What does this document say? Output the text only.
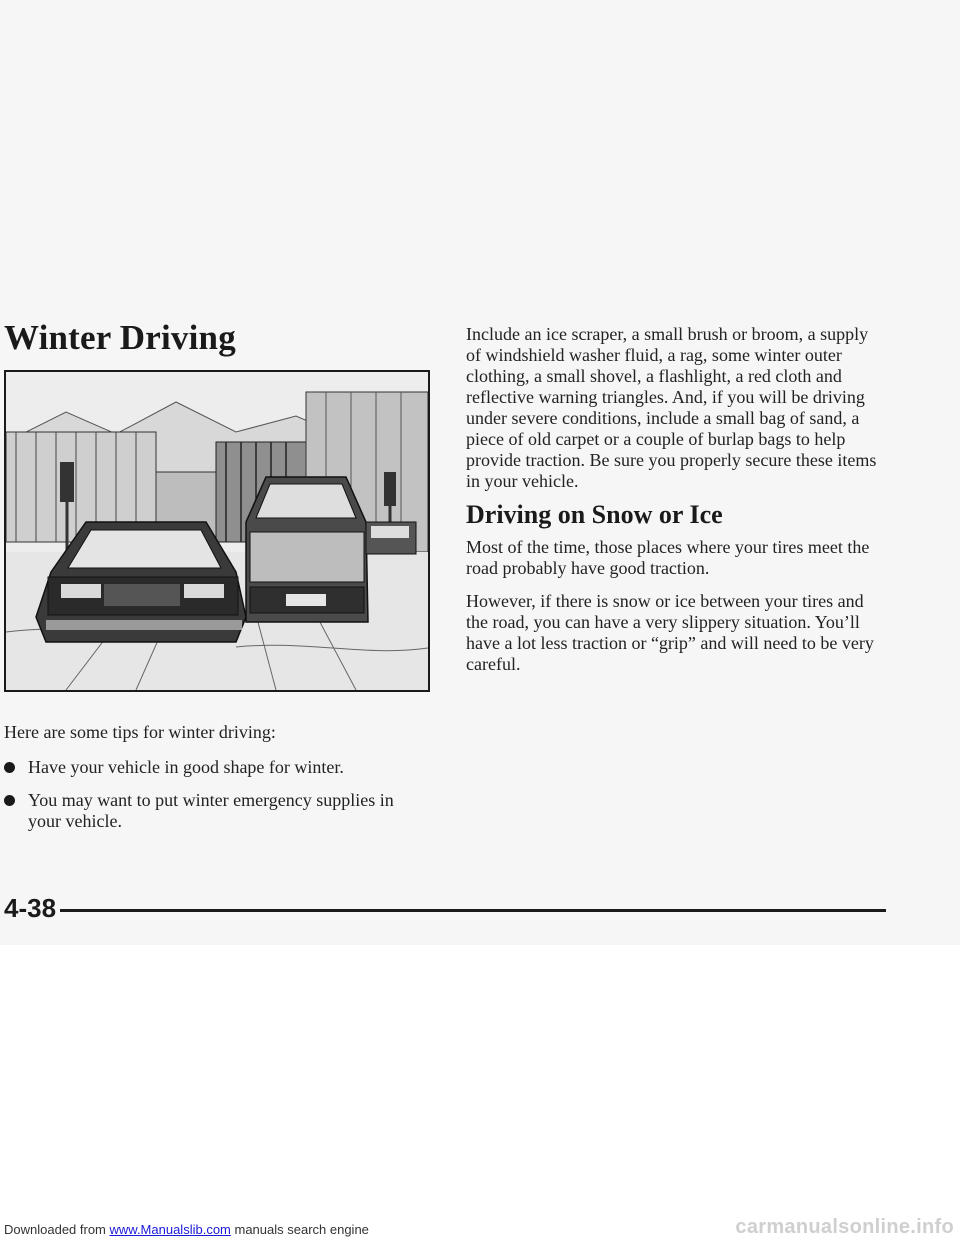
Winter Driving

Here are some tips for winter driving:

Have your vehicle in good shape for winter.
You may want to put winter emergency supplies in your vehicle.

Include an ice scraper, a small brush or broom, a supply of windshield washer fluid, a rag, some winter outer clothing, a small shovel, a flashlight, a red cloth and reflective warning triangles. And, if you will be driving under severe conditions, include a small bag of sand, a piece of old carpet or a couple of burlap bags to help provide traction. Be sure you properly secure these items in your vehicle.

Driving on Snow or Ice

Most of the time, those places where your tires meet the road probably have good traction.

However, if there is snow or ice between your tires and the road, you can have a very slippery situation. You’ll have a lot less traction or “grip” and will need to be very careful.

4-38
Downloaded from www.Manualslib.com manuals search engine	carmanualsonline.info
